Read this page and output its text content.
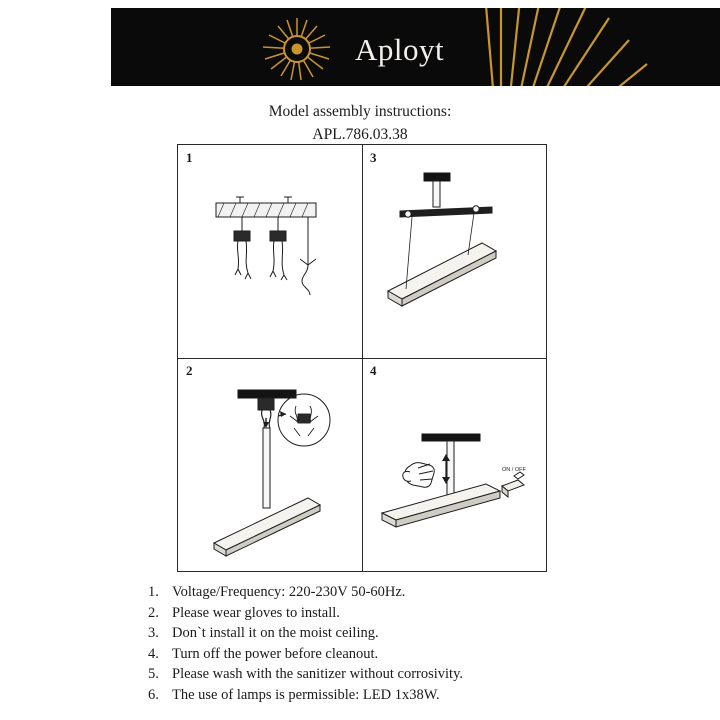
Aployt
Model assembly instructions:
APL.786.03.38
1
2
3
4
ON / OFF
1. Voltage/Frequency: 220-230V 50-60Hz.
2. Please wear gloves to install.
3. Don`t install it on the moist ceiling.
4. Turn off the power before cleanout.
5. Please wash with the sanitizer without corrosivity.
6. The use of lamps is permissible: LED 1x38W.
